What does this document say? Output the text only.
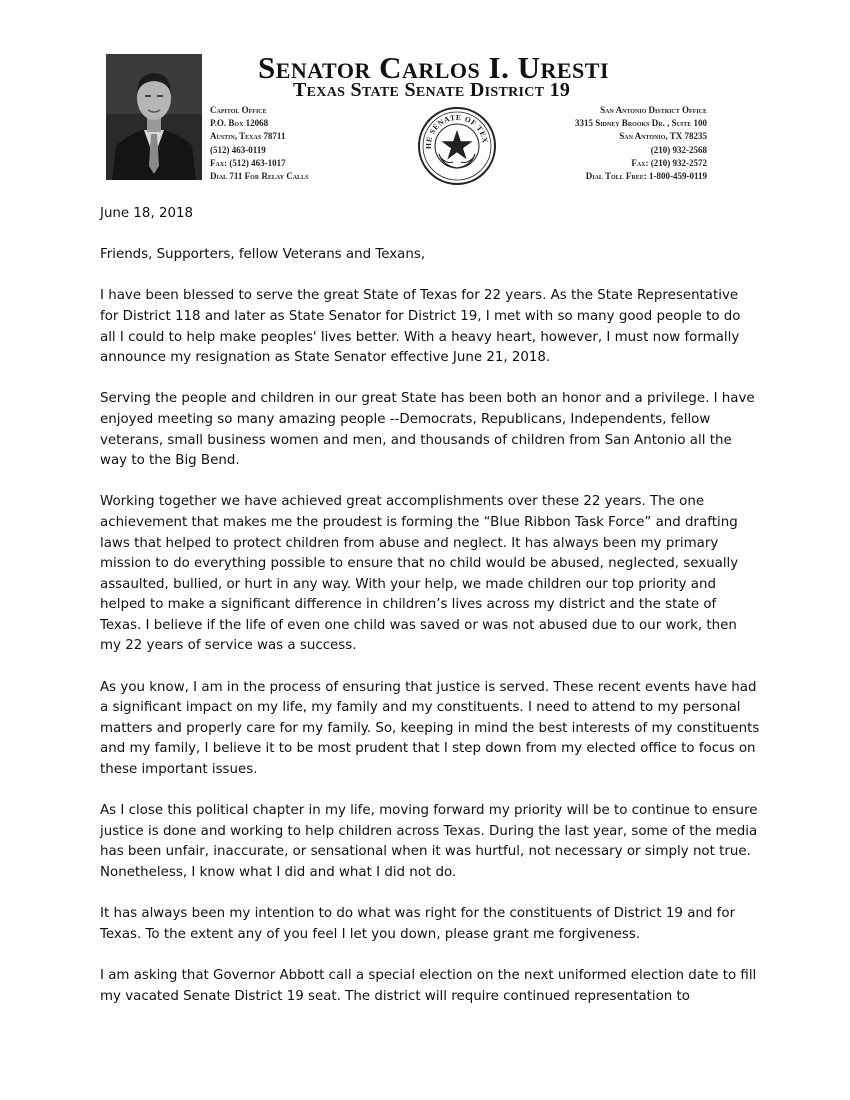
Senator Carlos I. Uresti
Texas State Senate District 19
Capitol Office
P.O. Box 12068
Austin, Texas 78711
(512) 463-0119
Fax: (512) 463-1017
Dial 711 For Relay Calls
HE SENATE OF TEX
San Antonio District Office
3315 Sidney Brooks Dr. , Suite 100
San Antonio, TX 78235
(210) 932-2568
Fax: (210) 932-2572
Dial Toll Free: 1-800-459-0119

June 18, 2018

Friends, Supporters, fellow Veterans and Texans,

I have been blessed to serve the great State of Texas for 22 years. As the State Representative for District 118 and later as State Senator for District 19, I met with so many good people to do all I could to help make peoples' lives better. With a heavy heart, however, I must now formally announce my resignation as State Senator effective June 21, 2018.

Serving the people and children in our great State has been both an honor and a privilege. I have enjoyed meeting so many amazing people --Democrats, Republicans, Independents, fellow veterans, small business women and men, and thousands of children from San Antonio all the way to the Big Bend.

Working together we have achieved great accomplishments over these 22 years. The one achievement that makes me the proudest is forming the “Blue Ribbon Task Force” and drafting laws that helped to protect children from abuse and neglect. It has always been my primary mission to do everything possible to ensure that no child would be abused, neglected, sexually assaulted, bullied, or hurt in any way. With your help, we made children our top priority and helped to make a significant difference in children’s lives across my district and the state of Texas. I believe if the life of even one child was saved or was not abused due to our work, then my 22 years of service was a success.

As you know, I am in the process of ensuring that justice is served. These recent events have had a significant impact on my life, my family and my constituents. I need to attend to my personal matters and properly care for my family. So, keeping in mind the best interests of my constituents and my family, I believe it to be most prudent that I step down from my elected office to focus on these important issues.

As I close this political chapter in my life, moving forward my priority will be to continue to ensure justice is done and working to help children across Texas. During the last year, some of the media has been unfair, inaccurate, or sensational when it was hurtful, not necessary or simply not true. Nonetheless, I know what I did and what I did not do.

It has always been my intention to do what was right for the constituents of District 19 and for Texas. To the extent any of you feel I let you down, please grant me forgiveness.

I am asking that Governor Abbott call a special election on the next uniformed election date to fill my vacated Senate District 19 seat. The district will require continued representation to
